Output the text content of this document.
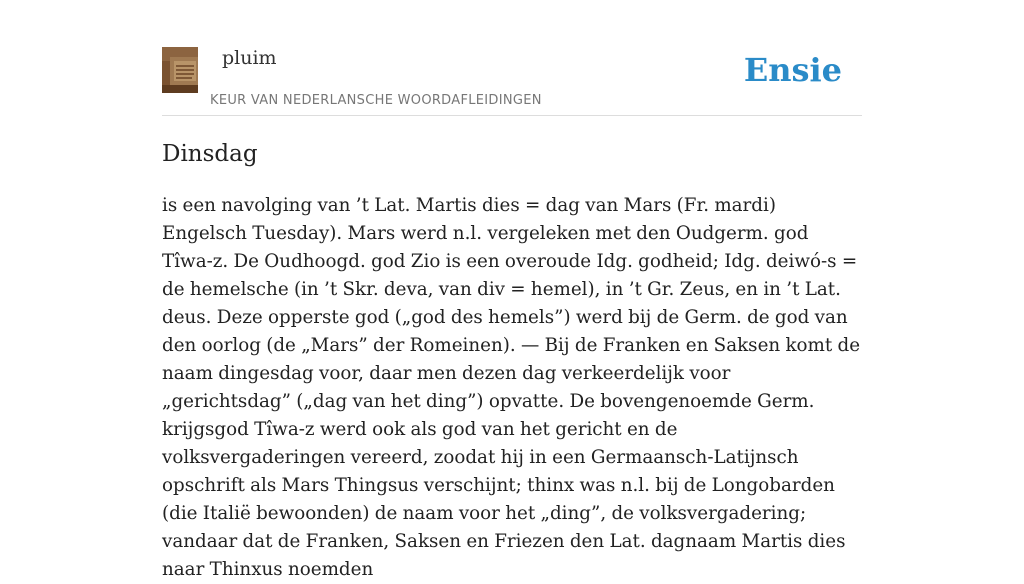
pluim
KEUR VAN NEDERLANSCHE WOORDAFLEIDINGEN
Ensie
Dinsdag

is een navolging van ’t Lat. Martis dies = dag van Mars (Fr. mardi) Engelsch Tuesday). Mars werd n.l. vergeleken met den Oudgerm. god Tîwa-z. De Oudhoogd. god Zio is een overoude Idg. godheid; Idg. deiwó-s = de hemelsche (in ’t Skr. deva, van div = hemel), in ’t Gr. Zeus, en in ’t Lat. deus. Deze opperste god („god des hemels”) werd bij de Germ. de god van den oorlog (de „Mars” der Romeinen). — Bij de Franken en Saksen komt de naam dingesdag voor, daar men dezen dag verkeerdelijk voor „gerichtsdag” („dag van het ding”) opvatte. De bovengenoemde Germ. krijgsgod Tîwa-z werd ook als god van het gericht en de volksvergaderingen vereerd, zoodat hij in een Germaansch-Latijnsch opschrift als Mars Thingsus verschijnt; thinx was n.l. bij de Longobarden (die Italië bewoonden) de naam voor het „ding”, de volksvergadering; vandaar dat de Franken, Saksen en Friezen den Lat. dagnaam Martis dies naar Thinxus noemden
